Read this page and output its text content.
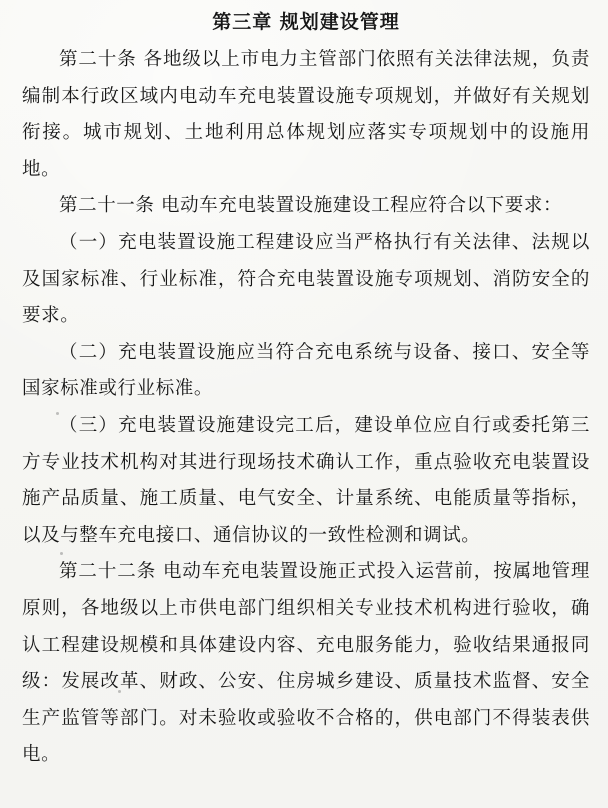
第三章 规划建设管理

第二十条 各地级以上市电力主管部门依照有关法律法规，负责编制本行政区域内电动车充电装置设施专项规划，并做好有关规划衔接。城市规划、土地利用总体规划应落实专项规划中的设施用地。

第二十一条 电动车充电装置设施建设工程应符合以下要求：

（一）充电装置设施工程建设应当严格执行有关法律、法规以及国家标准、行业标准，符合充电装置设施专项规划、消防安全的要求。

（二）充电装置设施应当符合充电系统与设备、接口、安全等国家标准或行业标准。

（三）充电装置设施建设完工后，建设单位应自行或委托第三方专业技术机构对其进行现场技术确认工作，重点验收充电装置设施产品质量、施工质量、电气安全、计量系统、电能质量等指标，以及与整车充电接口、通信协议的一致性检测和调试。

第二十二条 电动车充电装置设施正式投入运营前，按属地管理原则，各地级以上市供电部门组织相关专业技术机构进行验收，确认工程建设规模和具体建设内容、充电服务能力，验收结果通报同级：发展改革、财政、公安、住房城乡建设、质量技术监督、安全生产监管等部门。对未验收或验收不合格的，供电部门不得装表供电。
